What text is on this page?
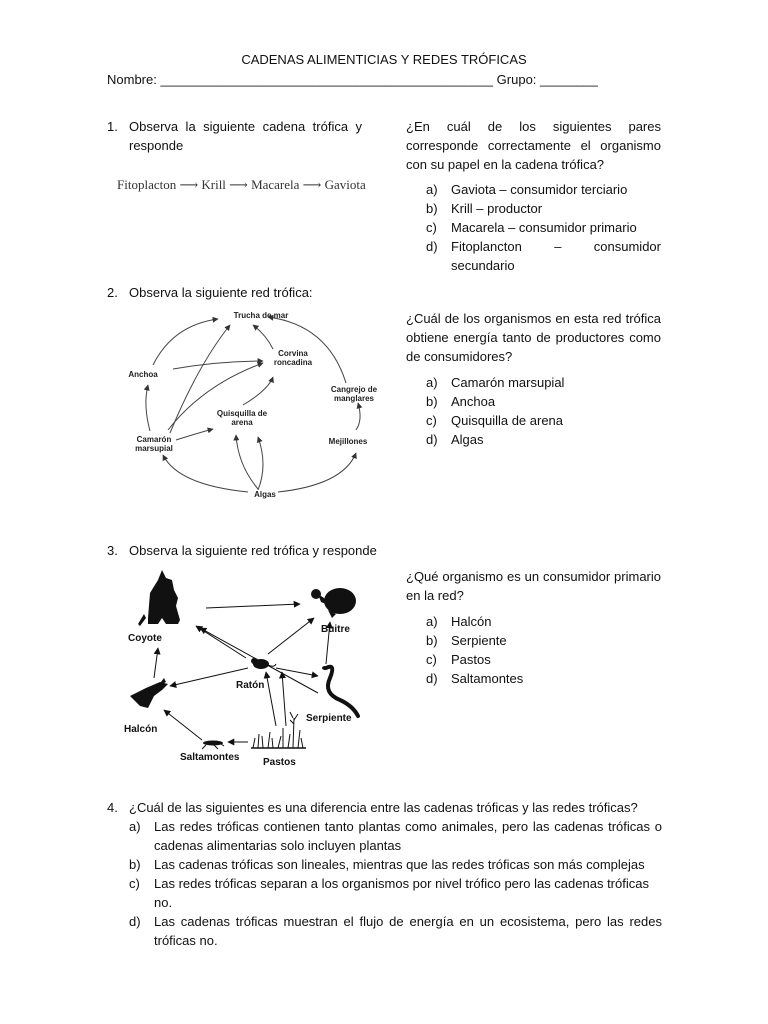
CADENAS ALIMENTICIAS Y REDES TRÓFICAS
Nombre: ______________________________________________ Grupo: ________
1. Observa la siguiente cadena trófica y responde
Fitoplacton ⟶ Krill ⟶ Macarela ⟶ Gaviota
¿En cuál de los siguientes pares corresponde correctamente el organismo con su papel en la cadena trófica?
a)	Gaviota – consumidor terciario
b)	Krill – productor
c)	Macarela – consumidor primario
d)	Fitoplancton – consumidor secundario
2. Observa la siguiente red trófica:
Trucha de mar
Anchoa
Corvina roncadina
Cangrejo de manglares
Quisquilla de arena
Camarón marsupial
Mejillones
Algas
¿Cuál de los organismos en esta red trófica obtiene energía tanto de productores como de consumidores?
a)	Camarón marsupial
b)	Anchoa
c)	Quisquilla de arena
d)	Algas
3. Observa la siguiente red trófica y responde
Coyote
Buitre
Ratón
Serpiente
Halcón
Saltamontes Pastos
¿Qué organismo es un consumidor primario en la red?
a)	Halcón
b)	Serpiente
c)	Pastos
d)	Saltamontes
4. ¿Cuál de las siguientes es una diferencia entre las cadenas tróficas y las redes tróficas?
a)	Las redes tróficas contienen tanto plantas como animales, pero las cadenas tróficas o cadenas alimentarias solo incluyen plantas
b)	Las cadenas tróficas son lineales, mientras que las redes tróficas son más complejas
c)	Las redes tróficas separan a los organismos por nivel trófico pero las cadenas tróficas no.
d)	Las cadenas tróficas muestran el flujo de energía en un ecosistema, pero las redes tróficas no.
